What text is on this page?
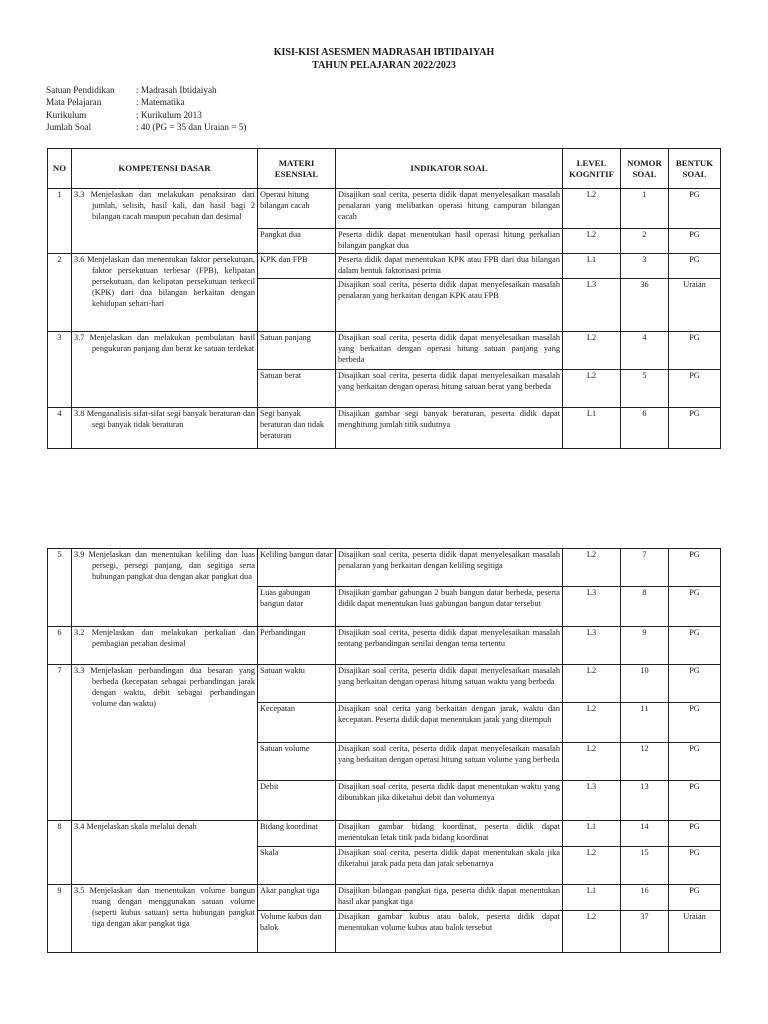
KISI-KISI ASESMEN MADRASAH IBTIDAIYAH
TAHUN PELAJARAN 2022/2023
Satuan Pendidikan	: Madrasah Ibtidaiyah
Mata Pelajaran	: Matematika
Kurikulum	: Kurikulum 2013
Jumlah Soal	: 40 (PG = 35 dan Uraian = 5)
NO	KOMPETENSI DASAR	MATERI ESENSIAL	INDIKATOR SOAL	LEVEL KOGNITIF	NOMOR SOAL	BENTUK SOAL
1	3.3 Menjelaskan dan melakukan penaksiran dari jumlah, selisih, hasil kali, dan hasil bagi 2 bilangan cacah maupun pecahan dan desimal	Operasi hitung bilangan cacah	Disajikan soal cerita, peserta didik dapat menyelesaikan masalah penalaran yang melibatkan operasi hitung campuran bilangan cacah	L2	1	PG
		Pangkat dua	Peserta didik dapat menentukan hasil operasi hitung perkalian bilangan pangkat dua	L2	2	PG
2	3.6 Menjelaskan dan menentukan faktor persekutuan, faktor persekutuan terbesar (FPB), kelipatan persekutuan, dan kelipatan persekutuan terkecil (KPK) dari dua bilangan berkaitan dengan kehidupan sehari-hari	KPK dan FPB	Peserta didik dapat menentukan KPK atau FPB dari dua bilangan dalam bentuk faktorisasi prima	L1	3	PG
			Disajikan soal cerita, peserta didik dapat menyelesaikan masalah penalaran yang berkaitan dengan KPK atau FPB	L3	36	Uraian
3	3.7 Menjelaskan dan melakukan pembulatan hasil pengukuran panjang dan berat ke satuan terdekat	Satuan panjang	Disajikan soal cerita, peserta didik dapat menyelesaikan masalah yang berkaitan dengan operasi hitung satuan panjang yang berbeda	L2	4	PG
		Satuan berat	Disajikan soal cerita, peserta didik dapat menyelesaikan masalah yang berkaitan dengan operasi hitung satuan berat yang berbeda	L2	5	PG
4	3.8 Menganalisis sifat-sifat segi banyak beraturan dan segi banyak tidak beraturan	Segi banyak beraturan dan tidak beraturan	Disajikan gambar segi banyak beraturan, peserta didik dapat menghitung jumlah titik sudutnya	L1	6	PG
5	3.9 Menjelaskan dan menentukan keliling dan luas persegi, persegi panjang, dan segitiga serta hubungan pangkat dua dengan akar pangkat dua	Keliling bangun datar	Disajikan soal cerita, peserta didik dapat menyelesaikan masalah penalaran yang berkaitan dengan keliling segitiga	L2	7	PG
		Luas gabungan bangun datar	Disajikan gambar gabungan 2 buah bangun datar berbeda, peserta didik dapat menentukan luas gabungan bangun datar tersebut	L3	8	PG
6	3.2 Menjelaskan dan melakukan perkalian dan pembagian pecahan desimal	Perbandingan	Disajikan soal cerita, peserta didik dapat menyelesaikan masalah tentang perbandingan senilai dengan tema tertentu	L3	9	PG
7	3.3 Menjelaskan perbandingan dua besaran yang berbeda (kecepatan sebagai perbandingan jarak dengan waktu, debit sebagai perbandingan volume dan waktu)	Satuan waktu	Disajikan soal cerita, peserta didik dapat menyelesaikan masalah yang berkaitan dengan operasi hitung satuan waktu yang berbeda	L2	10	PG
		Kecepatan	Disajikan soal cerita yang berkaitan dengan jarak, waktu dan kecepatan. Peserta didik dapat menentukan jarak yang ditempuh	L2	11	PG
		Satuan volume	Disajikan soal cerita, peserta didik dapat menyelesaikan masalah yang berkaitan dengan operasi hitung satuan volume yang berbeda	L2	12	PG
		Debit	Disajikan soal cerita, peserta didik dapat menentukan waktu yang dibutuhkan jika diketahui debit dan volumenya	L3	13	PG
8	3.4 Menjelaskan skala melalui denah	Bidang koordinat	Disajikan gambar bidang koordinat, peserta didik dapat menentukan letak titik pada bidang koordinat	L1	14	PG
		Skala	Disajikan soal cerita, peserta didik dapat menentukan skala jika diketahui jarak pada peta dan jarak sebenarnya	L2	15	PG
9	3.5 Menjelaskan dan menentukan volume bangun ruang dengan menggunakan satuan volume (seperti kubus satuan) serta hubungan pangkat tiga dengan akar pangkat tiga	Akar pangkat tiga	Disajikan bilangan pangkat tiga, peserta didik dapat menentukan hasil akar pangkat tiga	L1	16	PG
		Volume kubus dan balok	Disajikan gambar kubus atau balok, peserta didik dapat menentukan volume kubus atau balok tersebut	L2	37	Uraian
